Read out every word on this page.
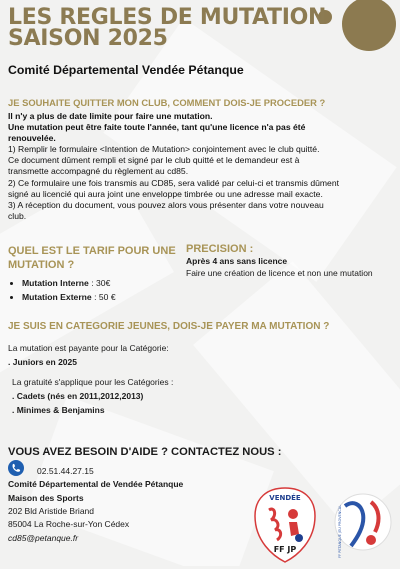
LES REGLES DE MUTATION
SAISON 2025
Comité Départemental Vendée Pétanque
JE SOUHAITE QUITTER MON CLUB, COMMENT DOIS-JE PROCEDER ?
Il n'y a plus de date limite pour faire une mutation.
Une mutation peut être faite toute l'année, tant qu'une licence n'a pas été
renouvelée.
1) Remplir le formulaire <Intention de Mutation> conjointement avec le club quitté.
Ce document dûment rempli et signé par le club quitté et le demandeur est à
transmette accompagné du règlement au cd85.
2) Ce formulaire une fois transmis au CD85, sera validé par celui-ci et transmis dûment
signé au licencié qui aura joint une enveloppe timbrée ou une adresse mail exacte.
3) A réception du document, vous pouvez alors vous présenter dans votre nouveau
club.
QUEL EST LE TARIF POUR UNE
MUTATION ?
• Mutation Interne : 30€
• Mutation Externe : 50 €
PRECISION :
Après 4 ans sans licence
Faire une création de licence et non une mutation
JE SUIS EN CATEGORIE JEUNES, DOIS-JE PAYER MA MUTATION ?
La mutation est payante pour la Catégorie:
. Juniors en 2025
La gratuité s'applique pour les Catégories :
. Cadets (nés en 2011,2012,2013)
. Minimes & Benjamins
VOUS AVEZ BESOIN D'AIDE ? CONTACTEZ NOUS :
02.51.44.27.15
Comité Départemental de Vendée Pétanque
Maison des Sports
202 Bld Aristide Briand
85004 La Roche-sur-Yon Cédex
cd85@petanque.fr
VENDÉE
FF JP	FF PETANQUE JEU PROVENCAL
